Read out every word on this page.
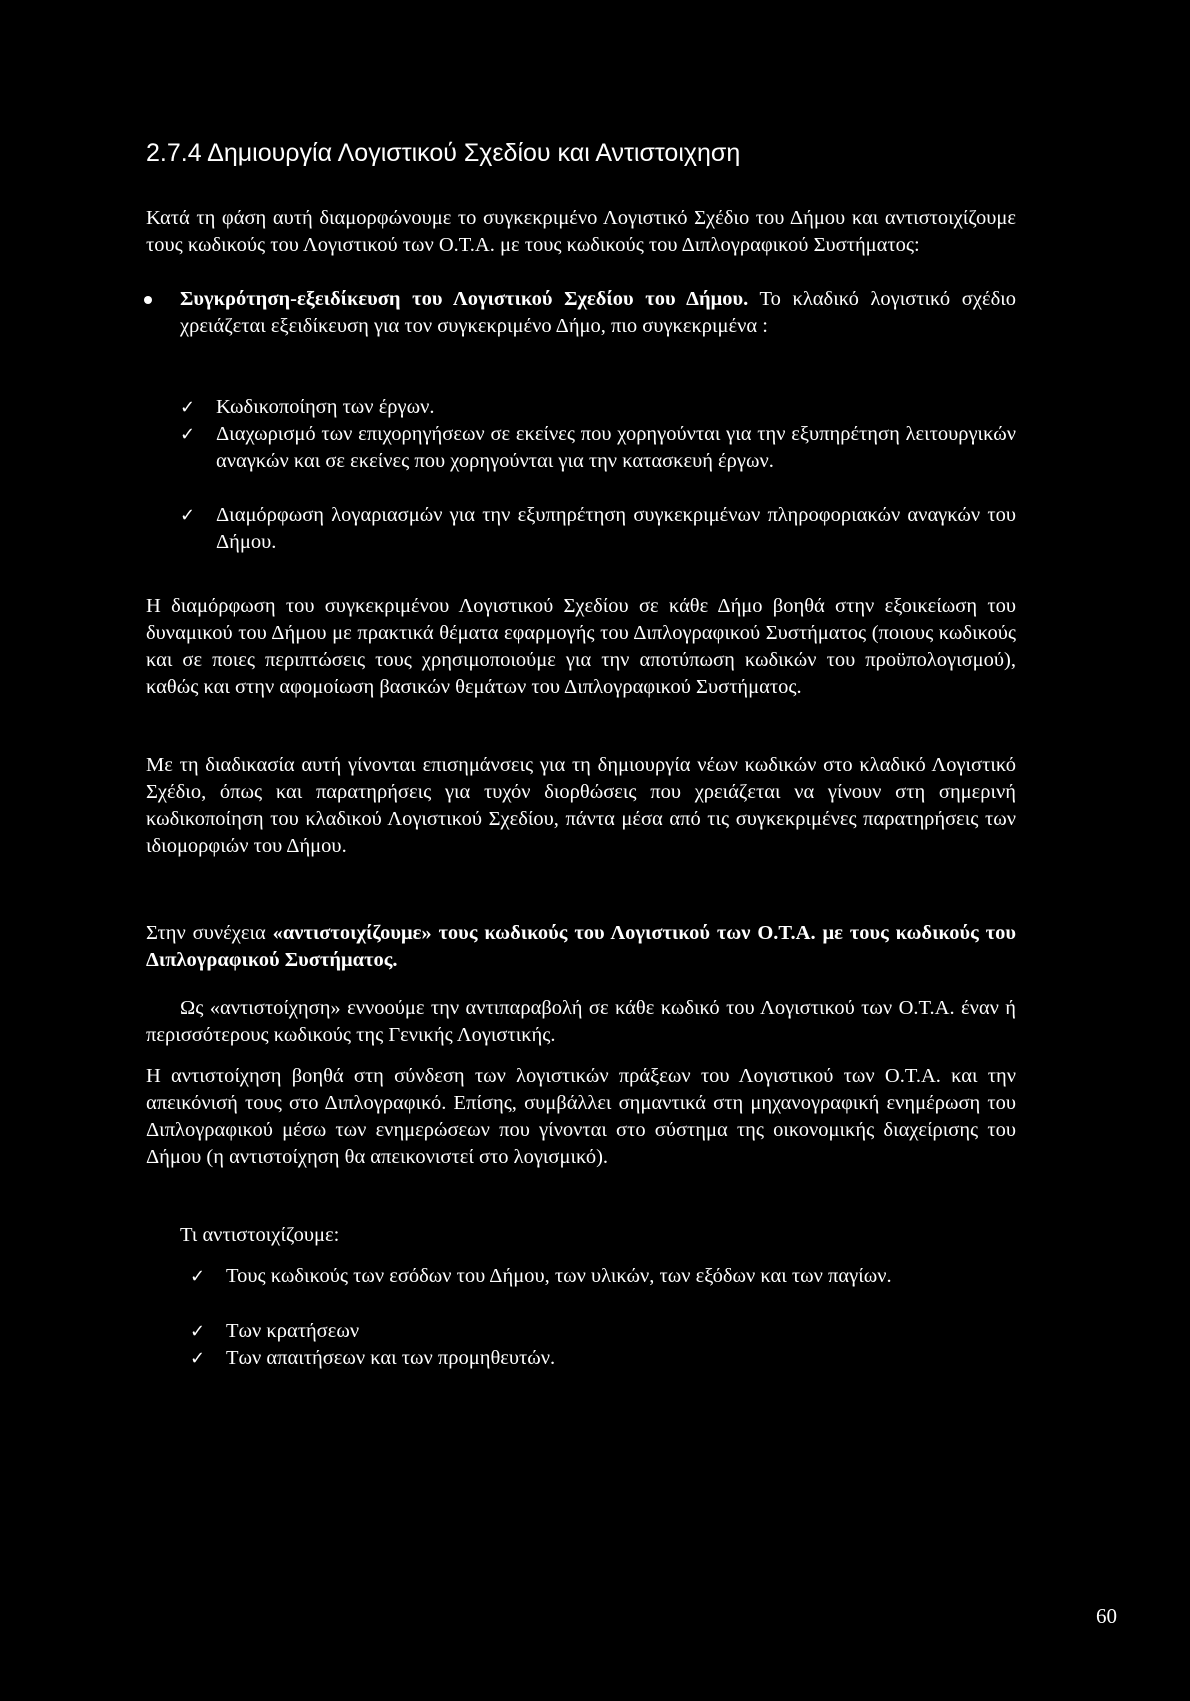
2.7.4 Δημιουργία Λογιστικού Σχεδίου και Αντιστοιχηση
Κατά τη φάση αυτή διαμορφώνουμε το συγκεκριμένο Λογιστικό Σχέδιο του Δήμου και αντιστοιχίζουμε τους κωδικούς του Λογιστικού των Ο.Τ.Α. με τους κωδικούς του Διπλογραφικού Συστήματος:
Συγκρότηση-εξειδίκευση του Λογιστικού Σχεδίου του Δήμου. Το κλαδικό λογιστικό σχέδιο χρειάζεται εξειδίκευση για τον συγκεκριμένο Δήμο, πιο συγκεκριμένα :
✓ Κωδικοποίηση των έργων.
✓ Διαχωρισμό των επιχορηγήσεων σε εκείνες που χορηγούνται για την εξυπηρέτηση λειτουργικών αναγκών και σε εκείνες που χορηγούνται για την κατασκευή έργων.
✓ Διαμόρφωση λογαριασμών για την εξυπηρέτηση συγκεκριμένων πληροφοριακών αναγκών του Δήμου.
Η διαμόρφωση του συγκεκριμένου Λογιστικού Σχεδίου σε κάθε Δήμο βοηθά στην εξοικείωση του δυναμικού του Δήμου με πρακτικά θέματα εφαρμογής του Διπλογραφικού Συστήματος (ποιους κωδικούς και σε ποιες περιπτώσεις τους χρησιμοποιούμε για την αποτύπωση κωδικών του προϋπολογισμού), καθώς και στην αφομοίωση βασικών θεμάτων του Διπλογραφικού Συστήματος.
Με τη διαδικασία αυτή γίνονται επισημάνσεις για τη δημιουργία νέων κωδικών στο κλαδικό Λογιστικό Σχέδιο, όπως και παρατηρήσεις για τυχόν διορθώσεις που χρειάζεται να γίνουν στη σημερινή κωδικοποίηση του κλαδικού Λογιστικού Σχεδίου, πάντα μέσα από τις συγκεκριμένες παρατηρήσεις των ιδιομορφιών του Δήμου.
Στην συνέχεια «αντιστοιχίζουμε» τους κωδικούς του Λογιστικού των Ο.Τ.Α. με τους κωδικούς του Διπλογραφικού Συστήματος.
Ως «αντιστοίχηση» εννοούμε την αντιπαραβολή σε κάθε κωδικό του Λογιστικού των Ο.Τ.Α. έναν ή περισσότερους κωδικούς της Γενικής Λογιστικής.
Η αντιστοίχηση βοηθά στη σύνδεση των λογιστικών πράξεων του Λογιστικού των Ο.Τ.Α. και την απεικόνισή τους στο Διπλογραφικό. Επίσης, συμβάλλει σημαντικά στη μηχανογραφική ενημέρωση του Διπλογραφικού μέσω των ενημερώσεων που γίνονται στο σύστημα της οικονομικής διαχείρισης του Δήμου (η αντιστοίχηση θα απεικονιστεί στο λογισμικό).
Τι αντιστοιχίζουμε:
✓ Τους κωδικούς των εσόδων του Δήμου, των υλικών, των εξόδων και των παγίων.
✓ Των κρατήσεων
✓ Των απαιτήσεων και των προμηθευτών.
60
